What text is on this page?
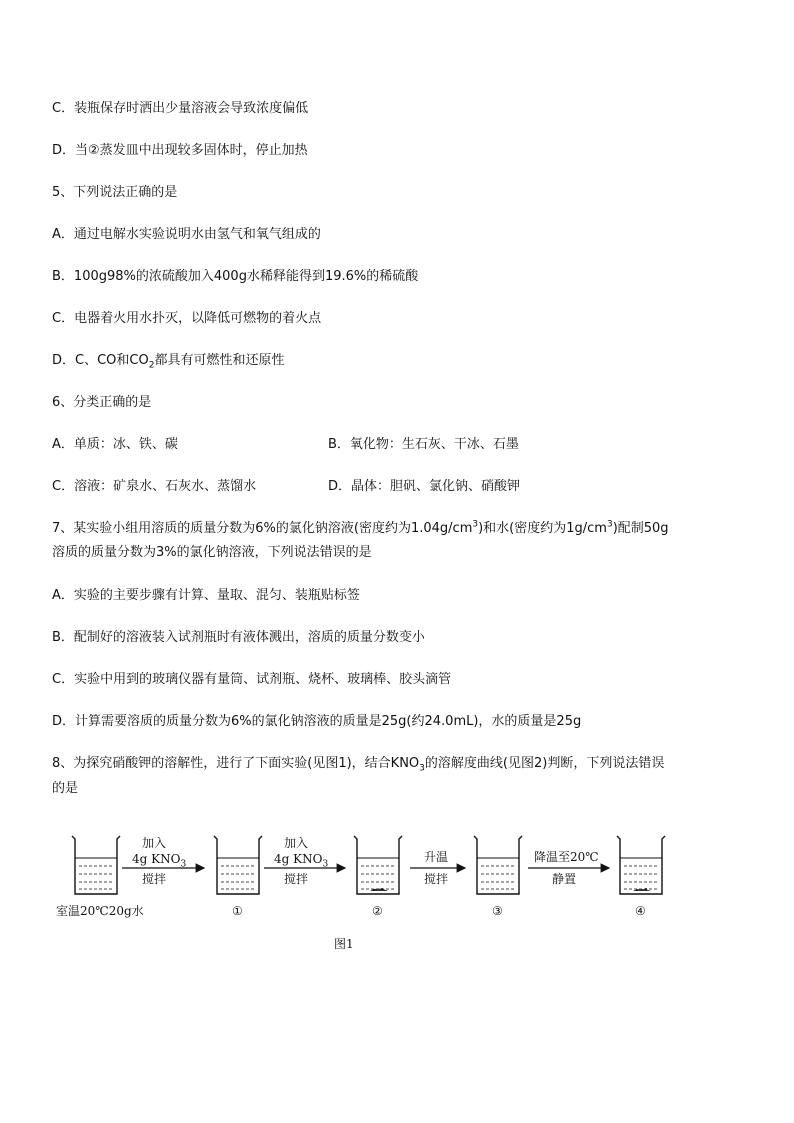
C．装瓶保存时洒出少量溶液会导致浓度偏低
D．当②蒸发皿中出现较多固体时，停止加热
5、下列说法正确的是
A．通过电解水实验说明水由氢气和氧气组成的
B．100g98%的浓硫酸加入400g水稀释能得到19.6%的稀硫酸
C．电器着火用水扑灭，以降低可燃物的着火点
D．C、CO和$CO_2$都具有可燃性和还原性
6、分类正确的是
A．单质：冰、铁、碳	B．氧化物：生石灰、干冰、石墨
C．溶液：矿泉水、石灰水、蒸馏水	D．晶体：胆矾、氯化钠、硝酸钾
7、某实验小组用溶质的质量分数为6%的氯化钠溶液(密度约为$1.04g/cm^3$)和水(密度约为$1g/cm^3$)配制50g
溶质的质量分数为3%的氯化钠溶液，下列说法错误的是
A．实验的主要步骤有计算、量取、混匀、装瓶贴标签
B．配制好的溶液装入试剂瓶时有液体溅出，溶质的质量分数变小
C．实验中用到的玻璃仪器有量筒、试剂瓶、烧杯、玻璃棒、胶头滴管
D．计算需要溶质的质量分数为6%的氯化钠溶液的质量是25g(约24.0mL)，水的质量是25g
8、为探究硝酸钾的溶解性，进行了下面实验(见图1)，结合$KNO_3$的溶解度曲线(见图2)判断，下列说法错误
的是
加入
4g $KNO_3$
搅拌
加入
4g $KNO_3$
搅拌
升温
搅拌
降温至20℃
静置
室温20℃20g水	①	②	③	④
图1
